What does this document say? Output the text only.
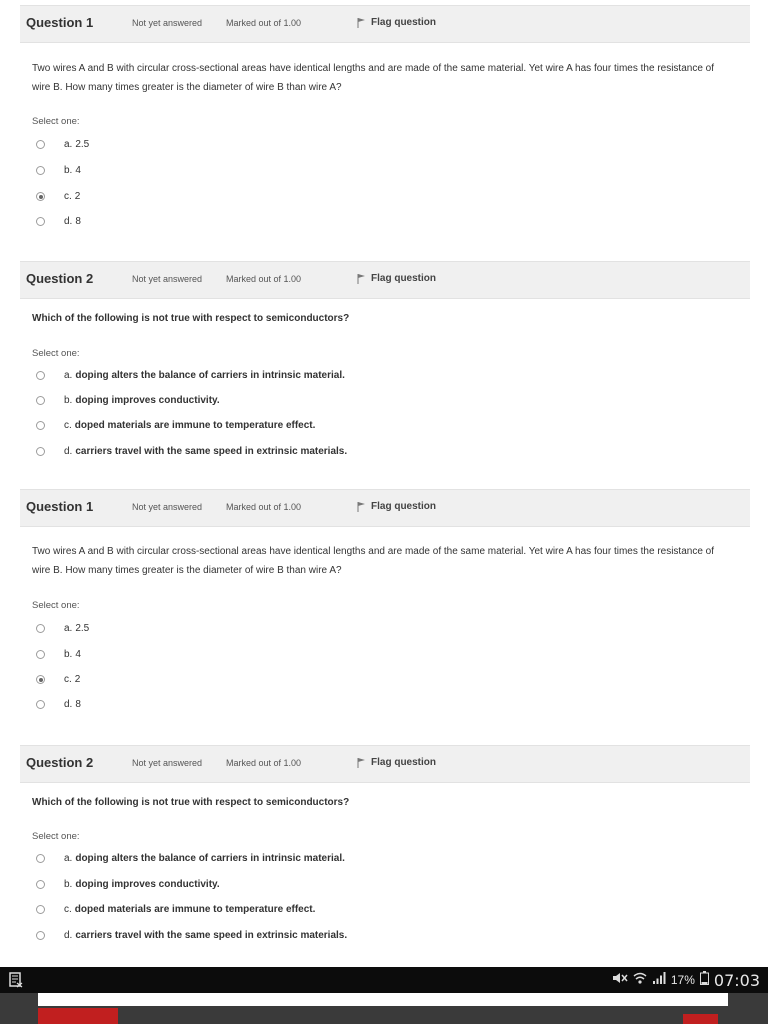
Question 1	Not yet answered	Marked out of 1.00	Flag question
Two wires A and B with circular cross-sectional areas have identical lengths and are made of the same material. Yet wire A has four times the resistance of wire B. How many times greater is the diameter of wire B than wire A?
Select one:
a. 2.5
b. 4
c. 2
d. 8
Question 2	Not yet answered	Marked out of 1.00	Flag question
Which of the following is not true with respect to semiconductors?
Select one:
a. doping alters the balance of carriers in intrinsic material.
b. doping improves conductivity.
c. doped materials are immune to temperature effect.
d. carriers travel with the same speed in extrinsic materials.
Question 1	Not yet answered	Marked out of 1.00	Flag question
Two wires A and B with circular cross-sectional areas have identical lengths and are made of the same material. Yet wire A has four times the resistance of wire B. How many times greater is the diameter of wire B than wire A?
Select one:
a. 2.5
b. 4
c. 2
d. 8
Question 2	Not yet answered	Marked out of 1.00	Flag question
Which of the following is not true with respect to semiconductors?
Select one:
a. doping alters the balance of carriers in intrinsic material.
b. doping improves conductivity.
c. doped materials are immune to temperature effect.
d. carriers travel with the same speed in extrinsic materials.
17% 07:03
